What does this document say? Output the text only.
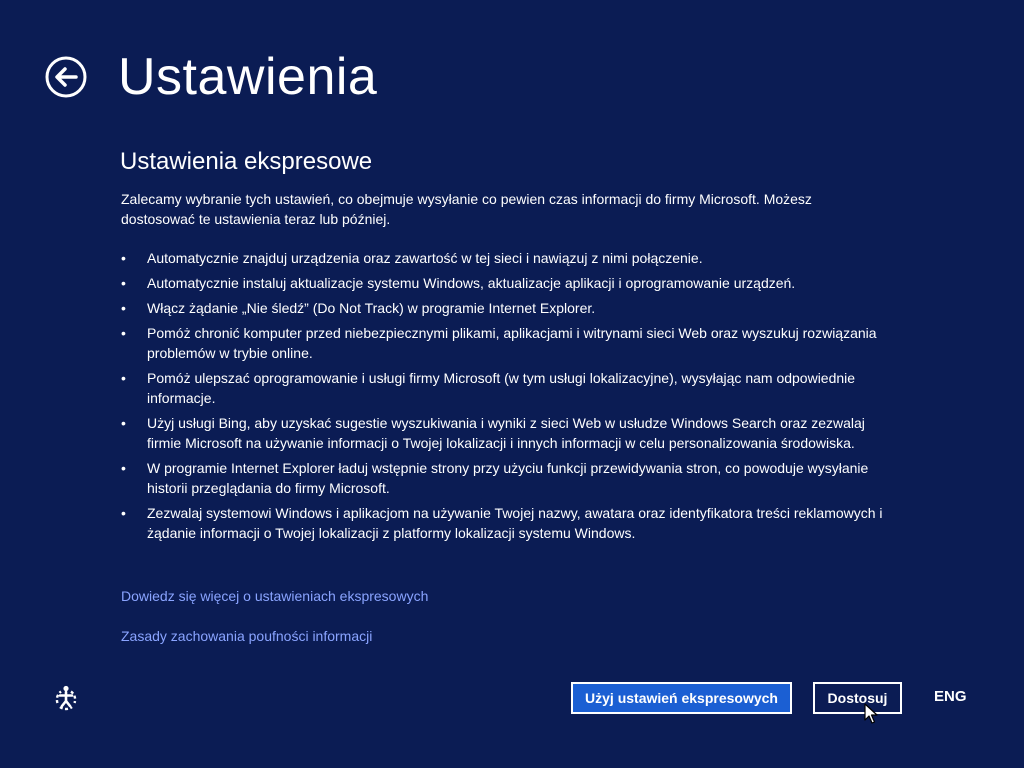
Ustawienia
Ustawienia ekspresowe

Zalecamy wybranie tych ustawień, co obejmuje wysyłanie co pewien czas informacji do firmy Microsoft. Możesz dostosować te ustawienia teraz lub później.

• Automatycznie znajduj urządzenia oraz zawartość w tej sieci i nawiązuj z nimi połączenie.
• Automatycznie instaluj aktualizacje systemu Windows, aktualizacje aplikacji i oprogramowanie urządzeń.
• Włącz żądanie „Nie śledź” (Do Not Track) w programie Internet Explorer.
• Pomóż chronić komputer przed niebezpiecznymi plikami, aplikacjami i witrynami sieci Web oraz wyszukuj rozwiązania problemów w trybie online.
• Pomóż ulepszać oprogramowanie i usługi firmy Microsoft (w tym usługi lokalizacyjne), wysyłając nam odpowiednie informacje.
• Użyj usługi Bing, aby uzyskać sugestie wyszukiwania i wyniki z sieci Web w usłudze Windows Search oraz zezwalaj firmie Microsoft na używanie informacji o Twojej lokalizacji i innych informacji w celu personalizowania środowiska.
• W programie Internet Explorer ładuj wstępnie strony przy użyciu funkcji przewidywania stron, co powoduje wysyłanie historii przeglądania do firmy Microsoft.
• Zezwalaj systemowi Windows i aplikacjom na używanie Twojej nazwy, awatara oraz identyfikatora treści reklamowych i żądanie informacji o Twojej lokalizacji z platformy lokalizacji systemu Windows.
Dowiedz się więcej o ustawieniach ekspresowych
Zasady zachowania poufności informacji
Użyj ustawień ekspresowych	Dostosuj	ENG
